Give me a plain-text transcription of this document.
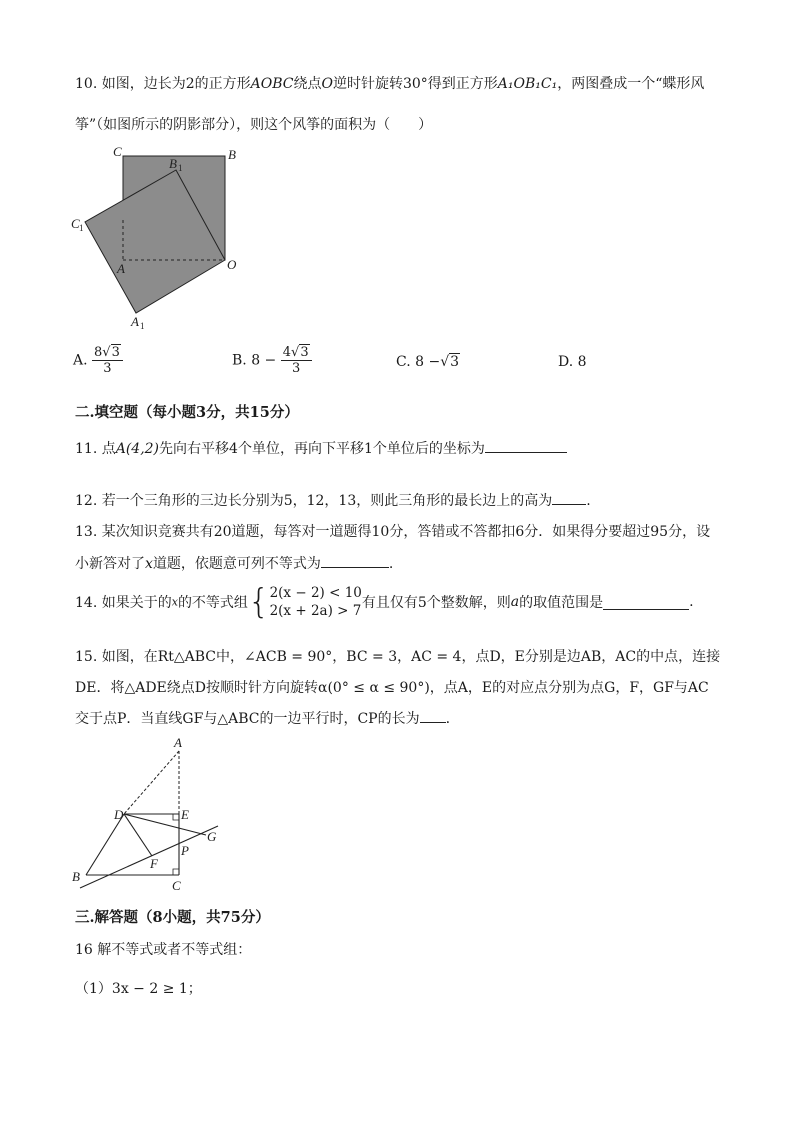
10. 如图，边长为2的正方形AOBC绕点O逆时针旋转30°得到正方形A₁OB₁C₁，两图叠成一个“蝶形风
筝”（如图所示的阴影部分），则这个风筝的面积为（　　）
C
B 1
B
C 1
A	O
A 1
A. $\frac{8√3}{3}$	B. $8 - \frac{4√3}{3}$	C. 8 −√3	D. 8
二.填空题（每小题3分，共15分）
11. 点A(4,2)先向右平移4个单位，再向下平移1个单位后的坐标为
12. 若一个三角形的三边长分别为5，12，13，则此三角形的最长边上的高为 .
13. 某次知识竞赛共有20道题，每答对一道题得10分，答错或不答都扣6分．如果得分要超过95分，设
小新答对了x道题，依题意可列不等式为	.
14. 如果关于的x的不等式组{ 2(x − 2) < 10
2(x + 2a) > 7 有且仅有5个整数解，则a的取值范围是	.
15. 如图，在Rt△ABC中，∠ACB = 90°，BC = 3，AC = 4，点D，E分别是边AB，AC的中点，连接
DE．将△ADE绕点D按顺时针方向旋转α(0° ≤ α ≤ 90°)，点A，E的对应点分别为点G，F，GF与AC
交于点P．当直线GF与△ABC的一边平行时，CP的长为 .
A
D	E
G
P
F
B
C
三.解答题（8小题，共75分）
16 解不等式或者不等式组：
（1）3x − 2 ≥ 1；
